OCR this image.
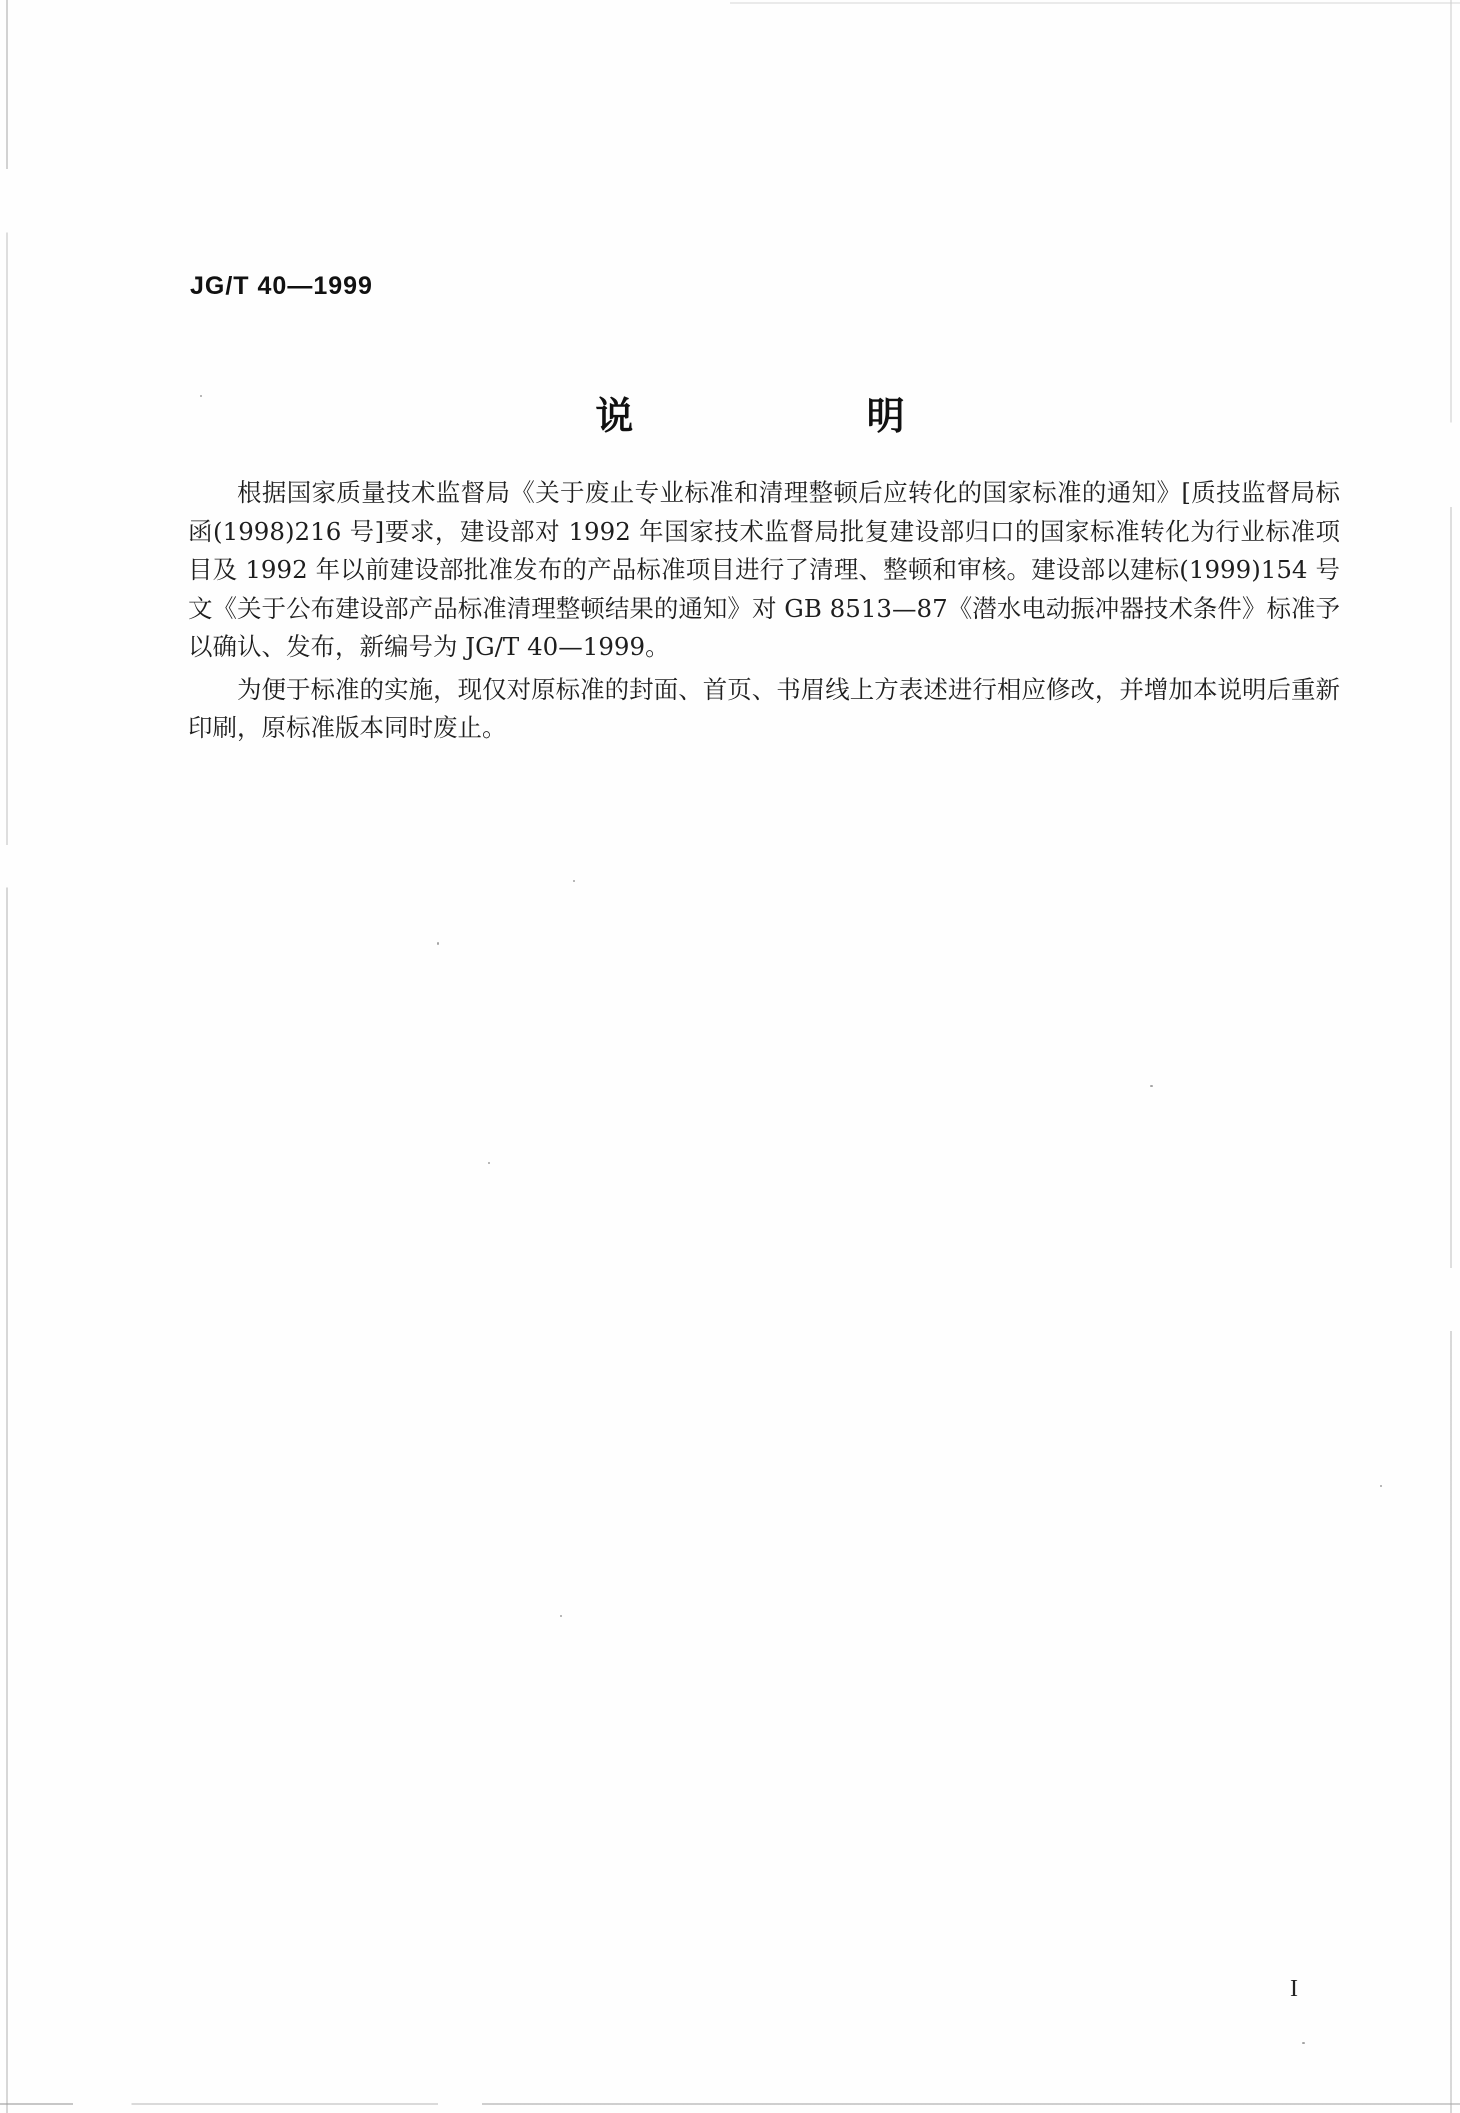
JG/T 40—1999
说 明

根据国家质量技术监督局《关于废止专业标准和清理整顿后应转化的国家标准的通知》[质技监督局标函(1998)216 号]要求，建设部对 1992 年国家技术监督局批复建设部归口的国家标准转化为行业标准项目及 1992 年以前建设部批准发布的产品标准项目进行了清理、整顿和审核。建设部以建标(1999)154 号文《关于公布建设部产品标准清理整顿结果的通知》对 GB 8513—87《潜水电动振冲器技术条件》标准予以确认、发布，新编号为 JG/T 40—1999。

为便于标准的实施，现仅对原标准的封面、首页、书眉线上方表述进行相应修改，并增加本说明后重新印刷，原标准版本同时废止。

I
